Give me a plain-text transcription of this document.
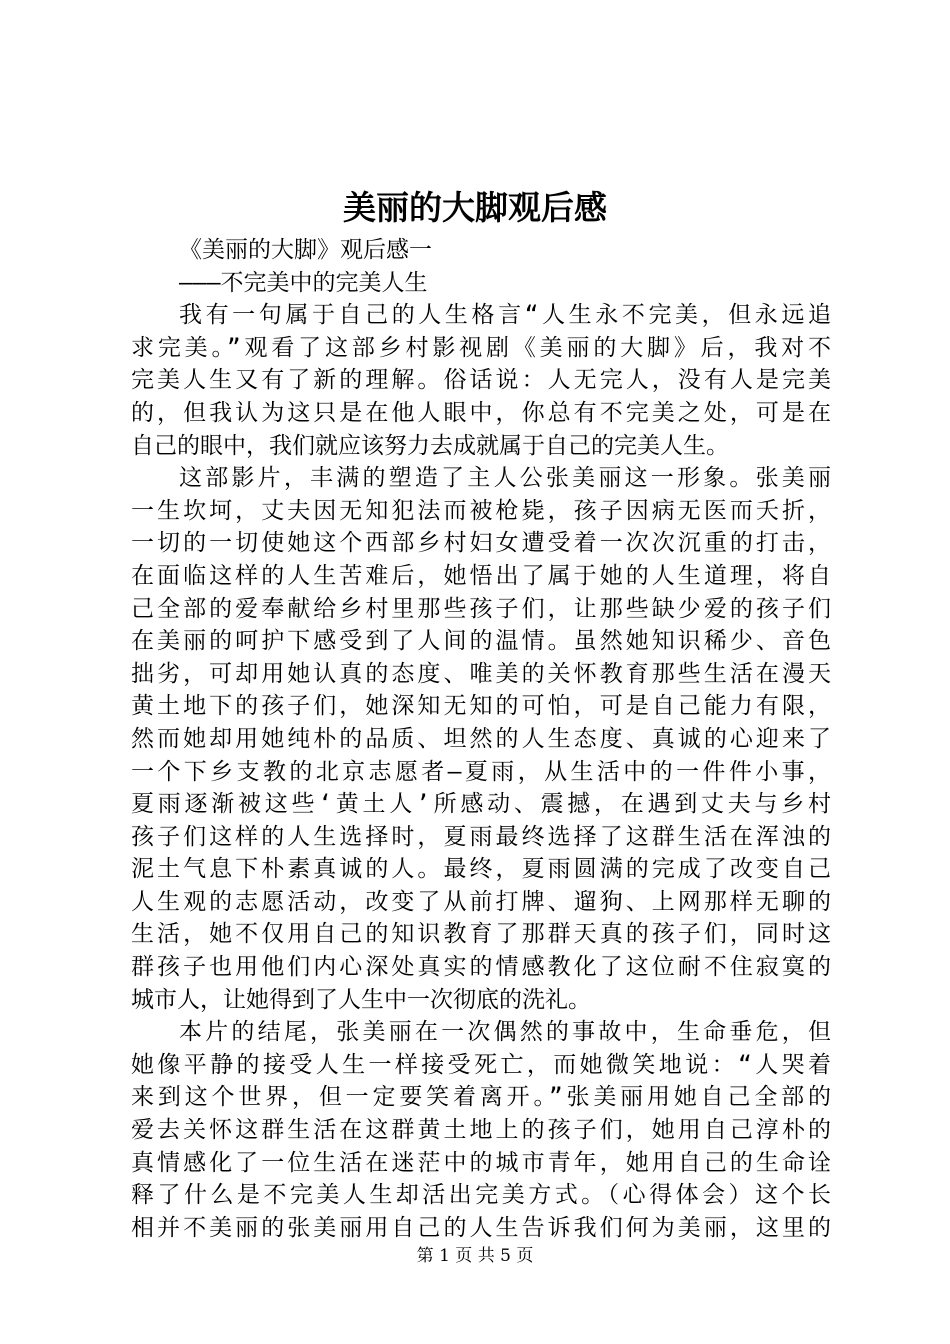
美丽的大脚观后感
《美丽的大脚》观后感一
———不完美中的完美人生
我有一句属于自己的人生格言“人生永不完美，但永远追
求完美。”观看了这部乡村影视剧《美丽的大脚》后，我对不
完美人生又有了新的理解。俗话说：人无完人，没有人是完美
的，但我认为这只是在他人眼中，你总有不完美之处，可是在
自己的眼中，我们就应该努力去成就属于自己的完美人生。
这部影片，丰满的塑造了主人公张美丽这一形象。张美丽
一生坎坷，丈夫因无知犯法而被枪毙，孩子因病无医而夭折，
一切的一切使她这个西部乡村妇女遭受着一次次沉重的打击，
在面临这样的人生苦难后，她悟出了属于她的人生道理，将自
己全部的爱奉献给乡村里那些孩子们，让那些缺少爱的孩子们
在美丽的呵护下感受到了人间的温情。虽然她知识稀少、音色
拙劣，可却用她认真的态度、唯美的关怀教育那些生活在漫天
黄土地下的孩子们，她深知无知的可怕，可是自己能力有限，
然而她却用她纯朴的品质、坦然的人生态度、真诚的心迎来了
一个下乡支教的北京志愿者—夏雨，从生活中的一件件小事，
夏雨逐渐被这些‘黄土人’所感动、震撼，在遇到丈夫与乡村
孩子们这样的人生选择时，夏雨最终选择了这群生活在浑浊的
泥土气息下朴素真诚的人。最终，夏雨圆满的完成了改变自己
人生观的志愿活动，改变了从前打牌、遛狗、上网那样无聊的
生活，她不仅用自己的知识教育了那群天真的孩子们，同时这
群孩子也用他们内心深处真实的情感教化了这位耐不住寂寞的
城市人，让她得到了人生中一次彻底的洗礼。
本片的结尾，张美丽在一次偶然的事故中，生命垂危，但
她像平静的接受人生一样接受死亡，而她微笑地说：“人哭着
来到这个世界，但一定要笑着离开。”张美丽用她自己全部的
爱去关怀这群生活在这群黄土地上的孩子们，她用自己淳朴的
真情感化了一位生活在迷茫中的城市青年，她用自己的生命诠
释了什么是不完美人生却活出完美方式。（心得体会）这个长
相并不美丽的张美丽用自己的人生告诉我们何为美丽，这里的
第 1 页 共 5 页
